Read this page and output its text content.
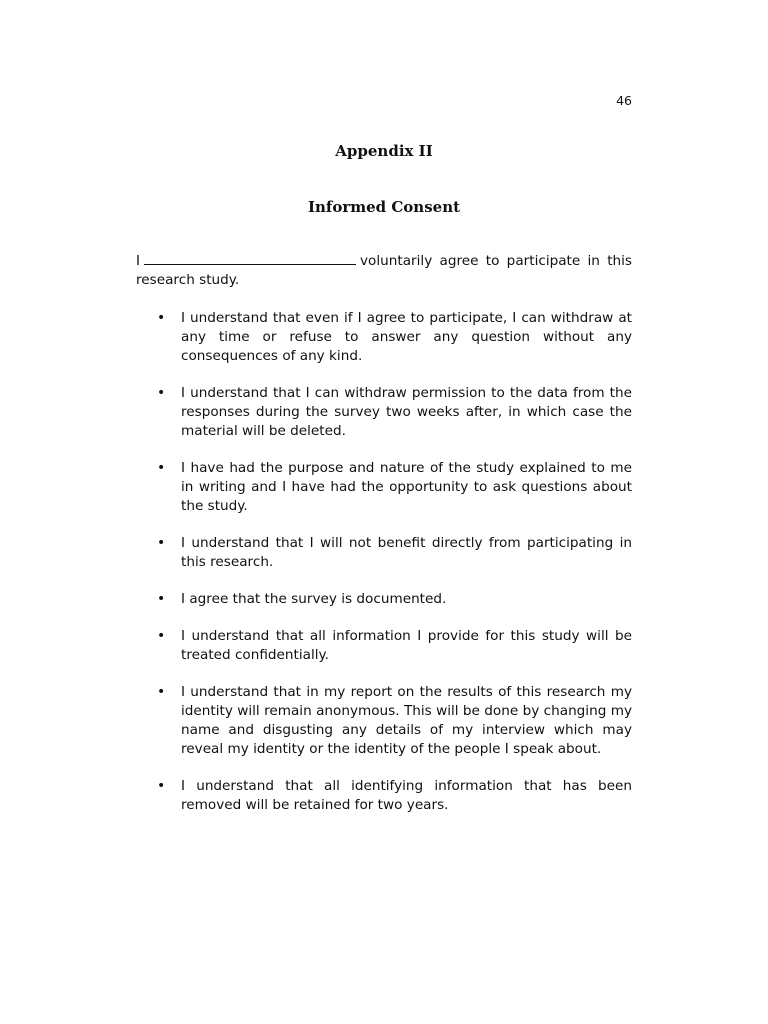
46
Appendix II
Informed Consent
I	voluntarily agree to participate in this research study.
• I understand that even if I agree to participate, I can withdraw at any time or refuse to answer any question without any consequences of any kind.
• I understand that I can withdraw permission to the data from the responses during the survey two weeks after, in which case the material will be deleted.
• I have had the purpose and nature of the study explained to me in writing and I have had the opportunity to ask questions about the study.
• I understand that I will not benefit directly from participating in this research.
• I agree that the survey is documented.
• I understand that all information I provide for this study will be treated confidentially.
• I understand that in my report on the results of this research my identity will remain anonymous. This will be done by changing my name and disgusting any details of my interview which may reveal my identity or the identity of the people I speak about.
• I understand that all identifying information that has been removed will be retained for two years.
